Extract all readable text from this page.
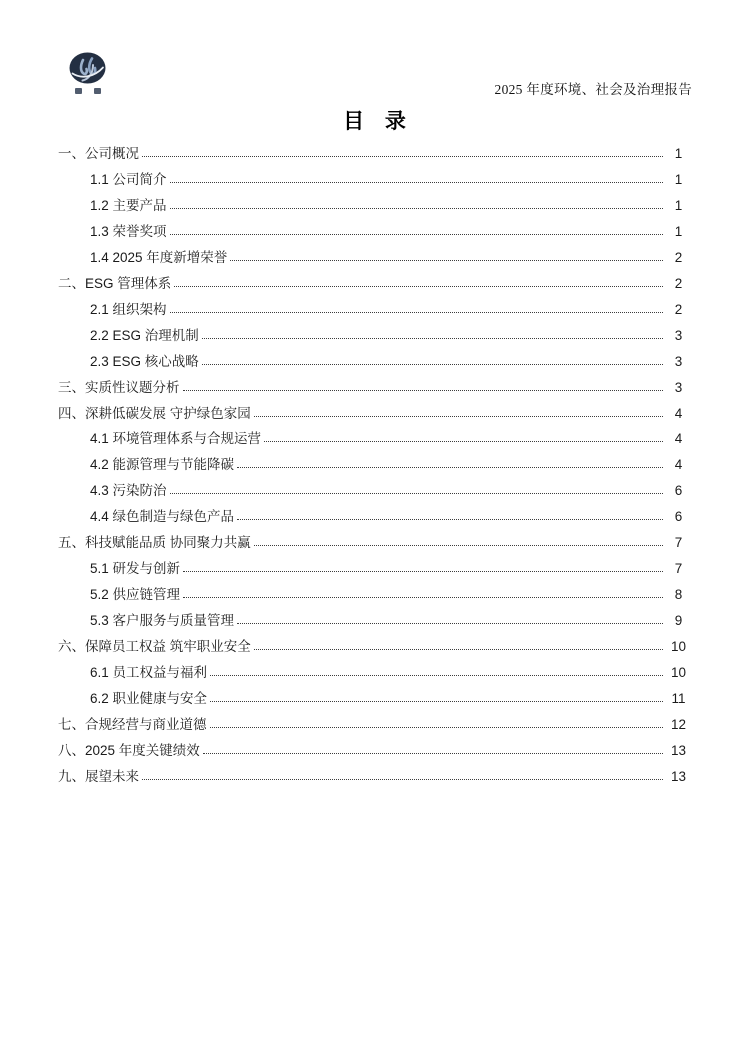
2025 年度环境、社会及治理报告
目 录
一、公司概况	1
1.1 公司简介	1
1.2 主要产品	1
1.3 荣誉奖项	1
1.4 2025 年度新增荣誉	2
二、ESG 管理体系	2
2.1 组织架构	2
2.2 ESG 治理机制	3
2.3 ESG 核心战略	3
三、实质性议题分析	3
四、深耕低碳发展 守护绿色家园	4
4.1 环境管理体系与合规运营	4
4.2 能源管理与节能降碳	4
4.3 污染防治	6
4.4 绿色制造与绿色产品	6
五、科技赋能品质 协同聚力共赢	7
5.1 研发与创新	7
5.2 供应链管理	8
5.3 客户服务与质量管理	9
六、保障员工权益 筑牢职业安全	10
6.1 员工权益与福利	10
6.2 职业健康与安全	11
七、合规经营与商业道德	12
八、2025 年度关键绩效	13
九、展望未来	13
